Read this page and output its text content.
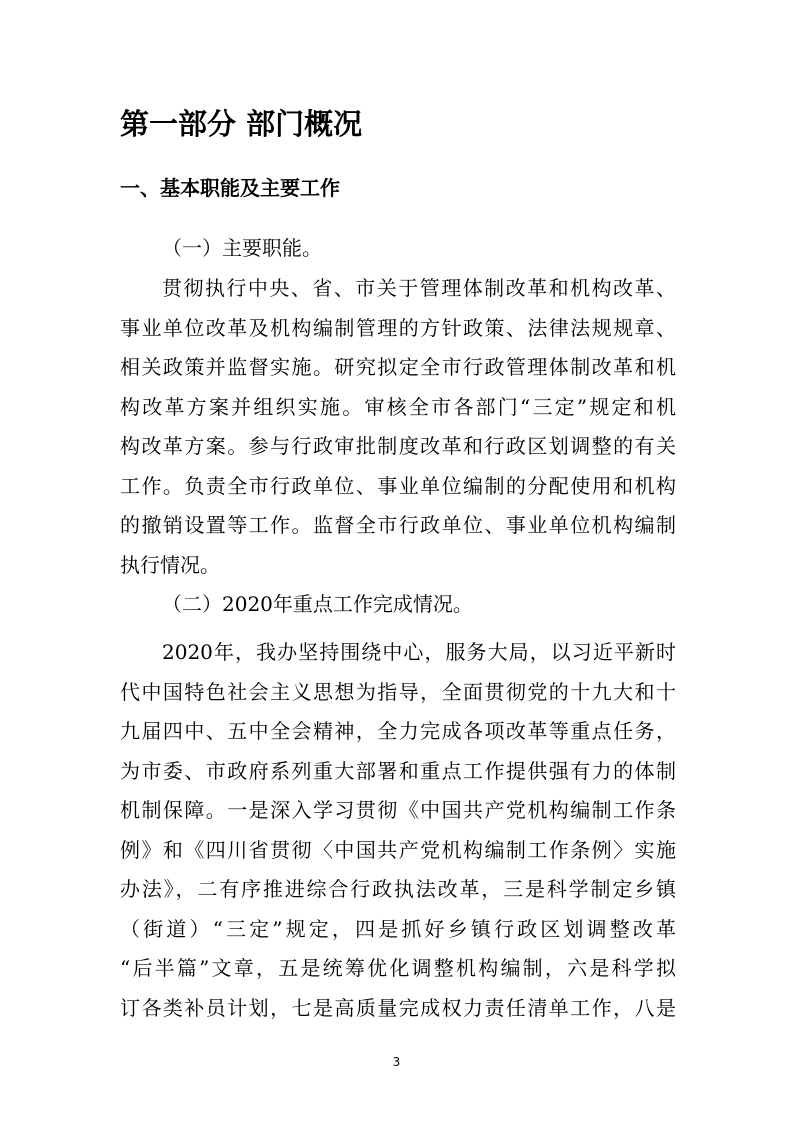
第一部分 部门概况
一、基本职能及主要工作
（一）主要职能。
贯彻执行中央、省、市关于管理体制改革和机构改革、
事业单位改革及机构编制管理的方针政策、法律法规规章、
相关政策并监督实施。研究拟定全市行政管理体制改革和机
构改革方案并组织实施。审核全市各部门“三定”规定和机
构改革方案。参与行政审批制度改革和行政区划调整的有关
工作。负责全市行政单位、事业单位编制的分配使用和机构
的撤销设置等工作。监督全市行政单位、事业单位机构编制
执行情况。
（二）2020年重点工作完成情况。
2020年，我办坚持围绕中心，服务大局，以习近平新时
代中国特色社会主义思想为指导，全面贯彻党的十九大和十
九届四中、五中全会精神，全力完成各项改革等重点任务，
为市委、市政府系列重大部署和重点工作提供强有力的体制
机制保障。一是深入学习贯彻《中国共产党机构编制工作条
例》和《四川省贯彻〈中国共产党机构编制工作条例〉实施
办法》，二有序推进综合行政执法改革，三是科学制定乡镇
（街道）“三定”规定，四是抓好乡镇行政区划调整改革
“后半篇”文章，五是统筹优化调整机构编制，六是科学拟
订各类补员计划，七是高质量完成权力责任清单工作，八是
3
